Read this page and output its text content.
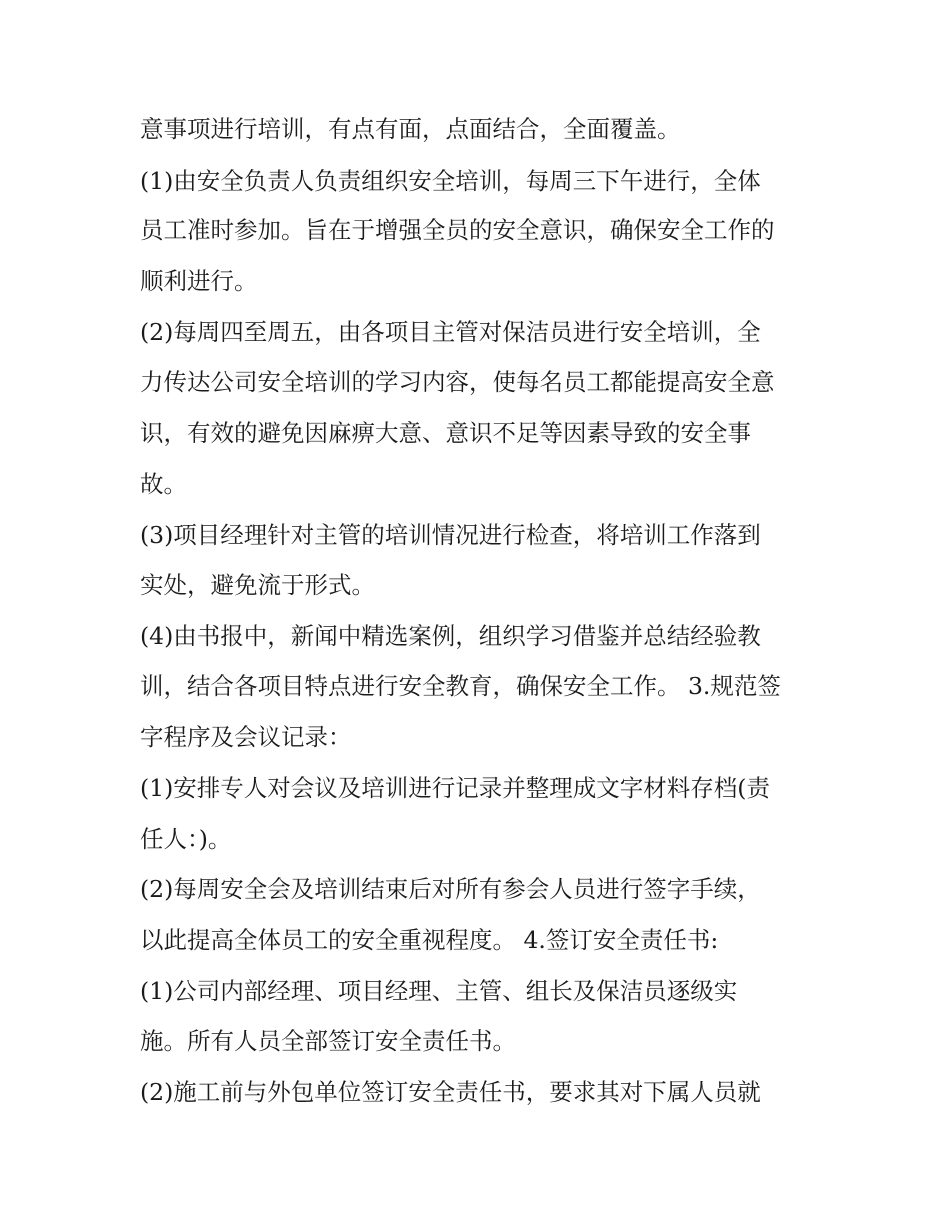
意事项进行培训，有点有面，点面结合，全面覆盖。
(1)由安全负责人负责组织安全培训，每周三下午进行，全体
员工准时参加。旨在于增强全员的安全意识，确保安全工作的
顺利进行。
(2)每周四至周五，由各项目主管对保洁员进行安全培训，全
力传达公司安全培训的学习内容，使每名员工都能提高安全意
识，有效的避免因麻痹大意、意识不足等因素导致的安全事
故。
(3)项目经理针对主管的培训情况进行检查，将培训工作落到
实处，避免流于形式。
(4)由书报中，新闻中精选案例，组织学习借鉴并总结经验教
训，结合各项目特点进行安全教育，确保安全工作。 3.规范签
字程序及会议记录：
(1)安排专人对会议及培训进行记录并整理成文字材料存档(责
任人：)。
(2)每周安全会及培训结束后对所有参会人员进行签字手续，
以此提高全体员工的安全重视程度。 4.签订安全责任书:
(1)公司内部经理、项目经理、主管、组长及保洁员逐级实
施。所有人员全部签订安全责任书。
(2)施工前与外包单位签订安全责任书，要求其对下属人员就
